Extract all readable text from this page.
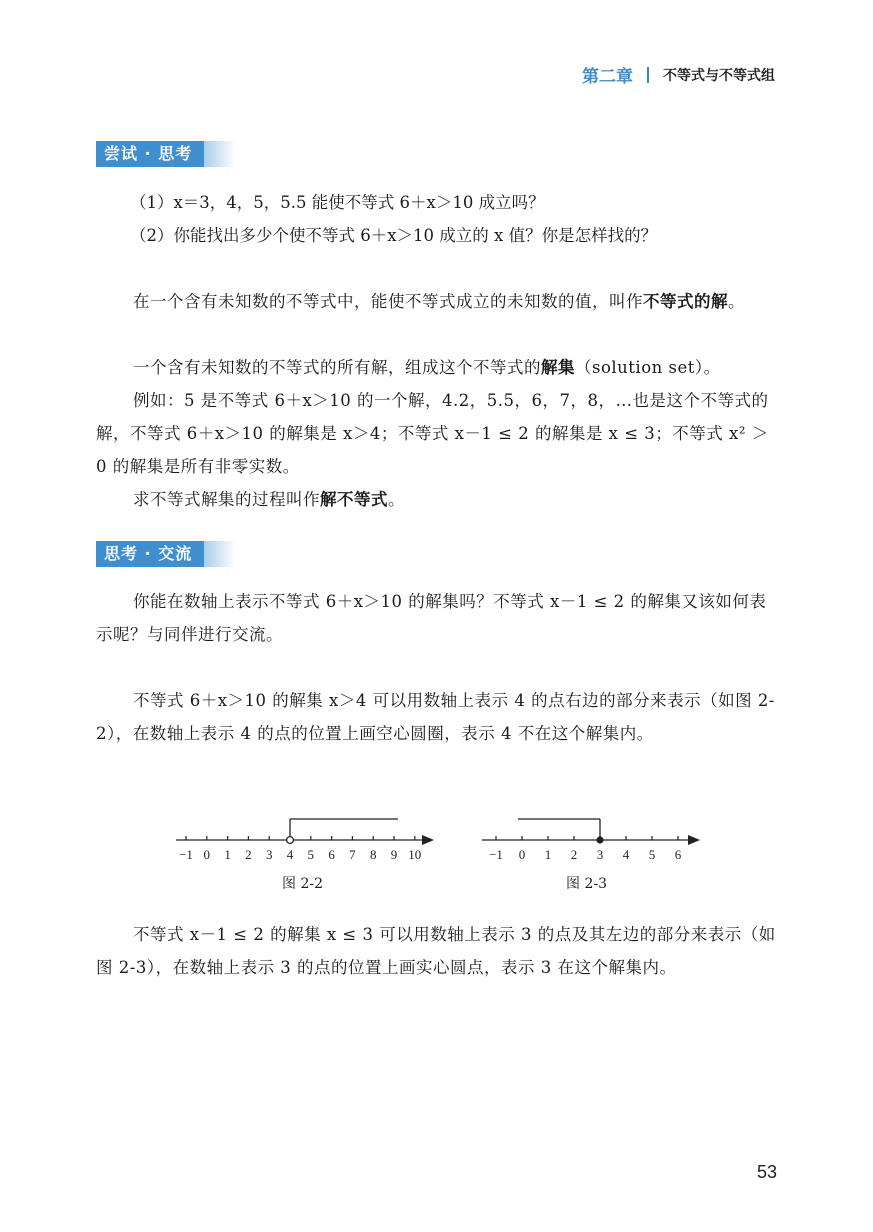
第二章 不等式与不等式组
尝试 · 思考
（1）x＝3，4，5，5.5 能使不等式 6＋x＞10 成立吗？
（2）你能找出多少个使不等式 6＋x＞10 成立的 x 值？你是怎样找的？
在一个含有未知数的不等式中，能使不等式成立的未知数的值，叫作不等式的解。
一个含有未知数的不等式的所有解，组成这个不等式的解集（solution set）。
例如：5 是不等式 6＋x＞10 的一个解，4.2，5.5，6，7，8，…也是这个不等式的解，不等式 6＋x＞10 的解集是 x＞4；不等式 x－1 ≤ 2 的解集是 x ≤ 3；不等式 x² ＞ 0 的解集是所有非零实数。
求不等式解集的过程叫作解不等式。
思考 · 交流
你能在数轴上表示不等式 6＋x＞10 的解集吗？不等式 x－1 ≤ 2 的解集又该如何表示呢？与同伴进行交流。
不等式 6＋x＞10 的解集 x＞4 可以用数轴上表示 4 的点右边的部分来表示（如图 2-2），在数轴上表示 4 的点的位置上画空心圆圈，表示 4 不在这个解集内。
−1 0 1 2 3 4 5 6 7 8 9 10
图 2-2
−1 0 1 2 3 4 5 6
图 2-3
不等式 x－1 ≤ 2 的解集 x ≤ 3 可以用数轴上表示 3 的点及其左边的部分来表示（如图 2-3），在数轴上表示 3 的点的位置上画实心圆点，表示 3 在这个解集内。
53
